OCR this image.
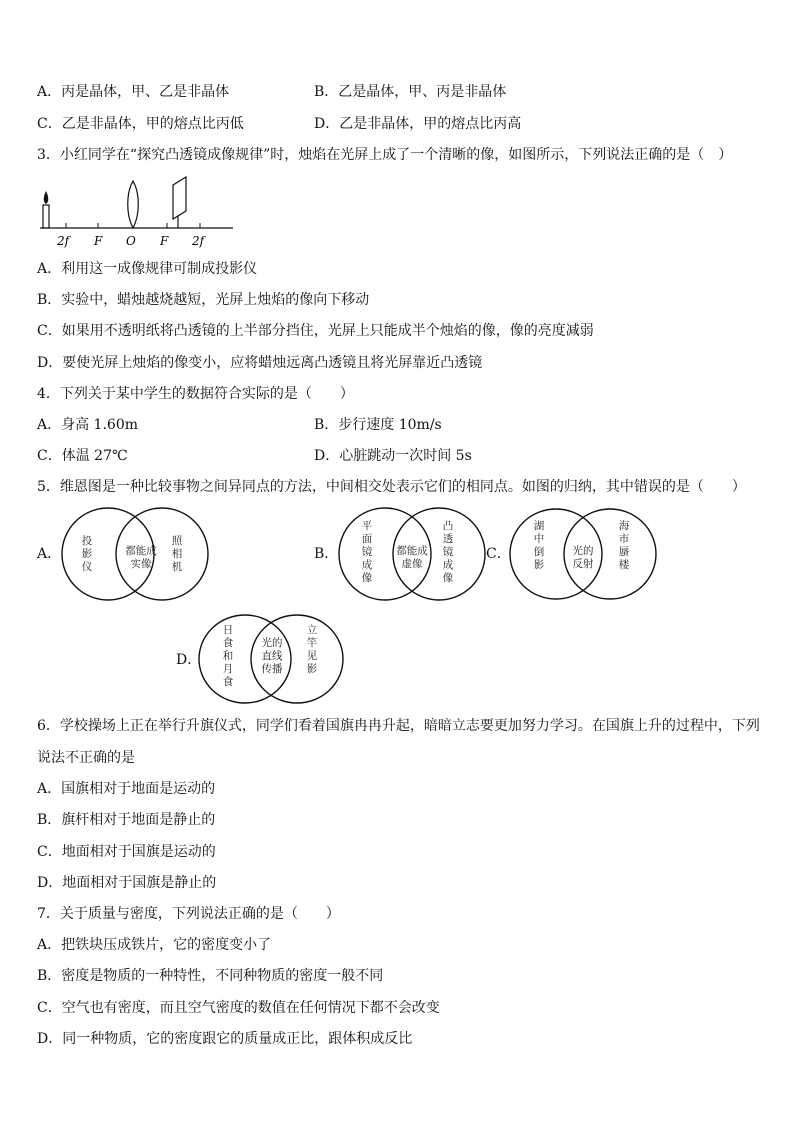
A．丙是晶体，甲、乙是非晶体	B．乙是晶体，甲、丙是非晶体
C．乙是非晶体，甲的熔点比丙低	D．乙是非晶体，甲的熔点比丙高
3．小红同学在“探究凸透镜成像规律”时，烛焰在光屏上成了一个清晰的像，如图所示，下列说法正确的是（　）
2f F O F 2f
A．利用这一成像规律可制成投影仪
B．实验中，蜡烛越烧越短，光屏上烛焰的像向下移动
C．如果用不透明纸将凸透镜的上半部分挡住，光屏上只能成半个烛焰的像，像的亮度减弱
D．要使光屏上烛焰的像变小，应将蜡烛远离凸透镜且将光屏靠近凸透镜
4．下列关于某中学生的数据符合实际的是（　　）
A．身高 1.60m	B．步行速度 10m/s
C．体温 27℃	D．心脏跳动一次时间 5s
5．维恩图是一种比较事物之间异同点的方法，中间相交处表示它们的相同点。如图的归纳，其中错误的是（　　）
A．
投
影
仪
都能成
实像
照
相
机
B．
平
面
镜
成
像
都能成
虚像
凸
透
镜
成
像
C．
湖
中
倒
影
光的
反射
海
市
蜃
楼
D．
日
食
和
月
食
光的
直线
传播
立
竿
见
影
6．学校操场上正在举行升旗仪式，同学们看着国旗冉冉升起，暗暗立志要更加努力学习。在国旗上升的过程中，下列
说法不正确的是
A．国旗相对于地面是运动的
B．旗杆相对于地面是静止的
C．地面相对于国旗是运动的
D．地面相对于国旗是静止的
7．关于质量与密度，下列说法正确的是（　　）
A．把铁块压成铁片，它的密度变小了
B．密度是物质的一种特性，不同种物质的密度一般不同
C．空气也有密度，而且空气密度的数值在任何情况下都不会改变
D．同一种物质，它的密度跟它的质量成正比，跟体积成反比
